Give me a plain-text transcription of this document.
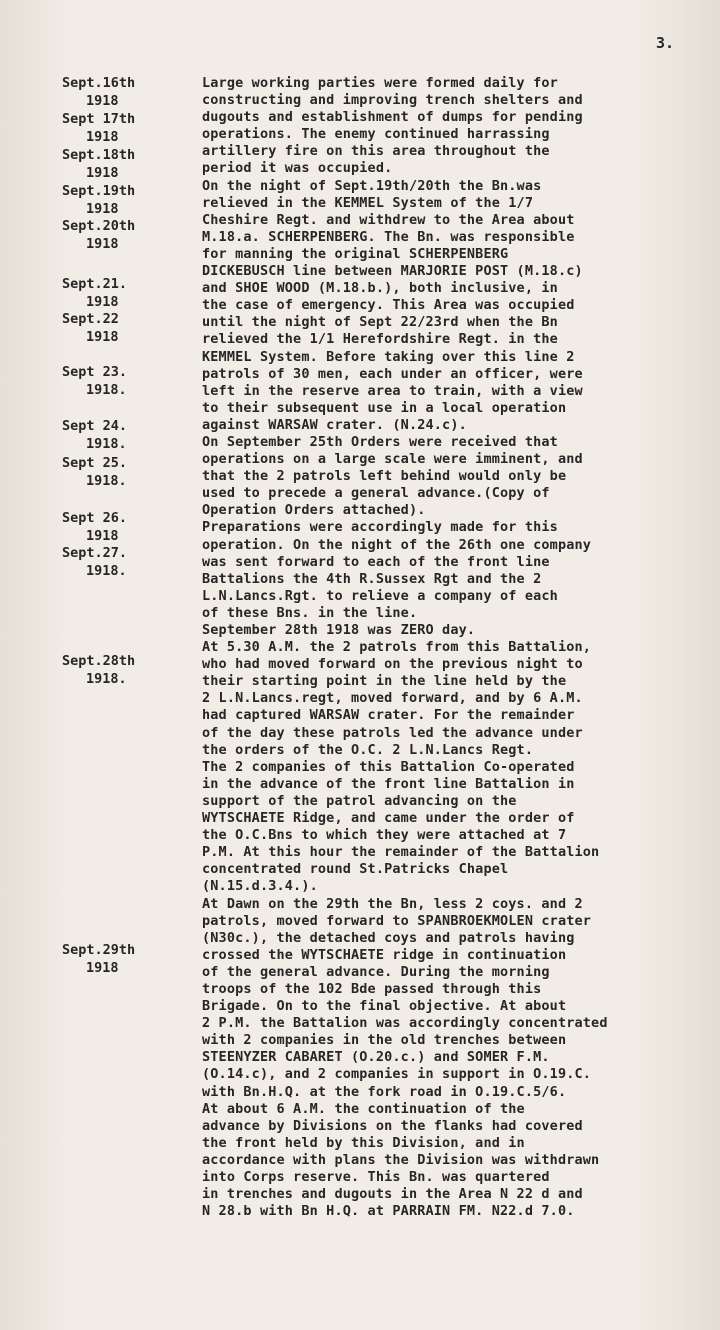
3.
Sept.16th
1918
Sept 17th
1918
Sept.18th
1918
Sept.19th
1918
Sept.20th
1918
Sept.21.
1918
Sept.22
1918
Sept 23.
1918.
Sept 24.
1918.
Sept 25.
1918.
Sept 26.
1918
Sept.27.
1918.
Sept.28th
1918.
Sept.29th
1918
Large working parties were formed daily for
constructing and improving trench shelters and
dugouts and establishment of dumps for pending
operations. The enemy continued harrassing
artillery fire on this area throughout the
period it was occupied.
On the night of Sept.19th/20th the Bn.was
relieved in the KEMMEL System of the 1/7
Cheshire Regt. and withdrew to the Area about
M.18.a. SCHERPENBERG. The Bn. was responsible
for manning the original SCHERPENBERG
DICKEBUSCH line between MARJORIE POST (M.18.c)
and SHOE WOOD (M.18.b.), both inclusive, in
the case of emergency. This Area was occupied
until the night of Sept 22/23rd when the Bn
relieved the 1/1 Herefordshire Regt. in the
KEMMEL System. Before taking over this line 2
patrols of 30 men, each under an officer, were
left in the reserve area to train, with a view
to their subsequent use in a local operation
against WARSAW crater. (N.24.c).
On September 25th Orders were received that
operations on a large scale were imminent, and
that the 2 patrols left behind would only be
used to precede a general advance.(Copy of
Operation Orders attached).
Preparations were accordingly made for this
operation. On the night of the 26th one company
was sent forward to each of the front line
Battalions the 4th R.Sussex Rgt and the 2
L.N.Lancs.Rgt. to relieve a company of each
of these Bns. in the line.
September 28th 1918 was ZERO day.
At 5.30 A.M. the 2 patrols from this Battalion,
who had moved forward on the previous night to
their starting point in the line held by the
2 L.N.Lancs.regt, moved forward, and by 6 A.M.
had captured WARSAW crater. For the remainder
of the day these patrols led the advance under
the orders of the O.C. 2 L.N.Lancs Regt.
The 2 companies of this Battalion Co-operated
in the advance of the front line Battalion in
support of the patrol advancing on the
WYTSCHAETE Ridge, and came under the order of
the O.C.Bns to which they were attached at 7
P.M. At this hour the remainder of the Battalion
concentrated round St.Patricks Chapel
(N.15.d.3.4.).
At Dawn on the 29th the Bn, less 2 coys. and 2
patrols, moved forward to SPANBROEKMOLEN crater
(N30c.), the detached coys and patrols having
crossed the WYTSCHAETE ridge in continuation
of the general advance. During the morning
troops of the 102 Bde passed through this
Brigade. On to the final objective. At about
2 P.M. the Battalion was accordingly concentrated
with 2 companies in the old trenches between
STEENYZER CABARET (O.20.c.) and SOMER F.M.
(O.14.c), and 2 companies in support in O.19.C.
with Bn.H.Q. at the fork road in O.19.C.5/6.
At about 6 A.M. the continuation of the
advance by Divisions on the flanks had covered
the front held by this Division, and in
accordance with plans the Division was withdrawn
into Corps reserve. This Bn. was quartered
in trenches and dugouts in the Area N 22 d and
N 28.b with Bn H.Q. at PARRAIN FM. N22.d 7.0.
